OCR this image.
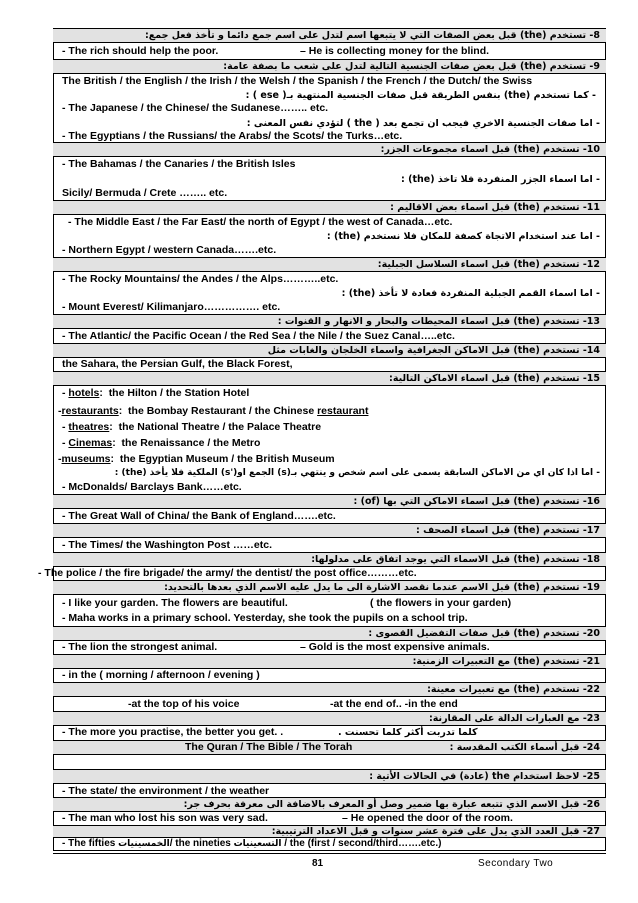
8- تستخدم (the) قبل بعض الصفات التي لا يتبعها اسم لتدل على اسم جمع دائما و تأخذ فعل جمع:
- The rich should help the poor.	– He is collecting money for the blind.
9- تستخدم (the) قبل بعض صفات الجنسية التالية لتدل على شعب ما بصفة عامة:
The British / the English / the Irish / the Welsh / the Spanish / the French / the Dutch/ the Swiss
- كما تستخدم (the) بنفس الطريقة قبل صفات الجنسية المنتهية بـ( ese ) :
- The Japanese / the Chinese/ the Sudanese…….. etc.
- اما صفات الجنسية الاخري فيجب ان تجمع بعد ( the ) لتؤدي نفس المعنى :
- The Egyptians / the Russians/ the Arabs/ the Scots/ the Turks…etc.
10- تستخدم (the) قبل اسماء مجموعات الجزر:
- The Bahamas / the Canaries / the British Isles
- اما اسماء الجزر المنفردة فلا تاخذ (the) :
Sicily/ Bermuda / Crete …….. etc.
11- تستخدم (the) قبل اسماء بعض الاقاليم :
- The Middle East / the Far East/ the north of Egypt / the west of Canada…etc.
- اما عند استخدام الاتجاة كصفة للمكان فلا نستخدم (the) :
- Northern Egypt / western Canada…….etc.
12- تستخدم (the) قبل اسماء السلاسل الجبلية:
- The Rocky Mountains/ the Andes / the Alps………..etc.
- اما اسماء القمم الجبلية المنفردة فعادة لا تأخذ (the) :
- Mount Everest/ Kilimanjaro……………. etc.
13- تستخدم (the) قبل اسماء المحيطات والبحار و الانهار و القنوات :
- The Atlantic/ the Pacific Ocean / the Red Sea / the Nile / the Suez Canal…..etc.
14- تستخدم (the) قبل الاماكن الجغرافية واسماء الخلجان والغابات مثل
the Sahara, the Persian Gulf, the Black Forest,
15- تستخدم (the) قبل اسماء الاماكن التالية:
- hotels:  the Hilton / the Station Hotel
-restaurants:  the Bombay Restaurant / the Chinese restaurant
- theatres:  the National Theatre / the Palace Theatre
- Cinemas:  the Renaissance / the Metro
-museums:  the Egyptian Museum / the British Museum
- اما اذا كان اي من الاماكن السابقة يسمى على اسم شخص و ينتهي بـ(s) الجمع او('s) الملكية فلا يأخذ (the) :
- McDonalds/ Barclays Bank……etc.
16- تستخدم (the) قبل اسماء الاماكن التي بها (of) :
- The Great Wall of China/ the Bank of England…….etc.
17- تستخدم (the) قبل اسماء الصحف :
- The Times/ the Washington Post ……etc.
18- تستخدم (the) قبل الاسماء التي يوجد اتفاق على مدلولها:
- The police / the fire brigade/ the army/ the dentist/ the post office………etc.
19- تستخدم (the) قبل الاسم عندما نقصد الاشارة الى ما يدل عليه الاسم الذي بعدها بالتحديد:
- I like your garden. The flowers are beautiful.	( the flowers in your garden)
- Maha works in a primary school. Yesterday, she took the pupils on a school trip.
20- تستخدم (the) قبل صفات التفضيل القصوى :
- The lion the strongest animal.	– Gold is the most expensive animals.
21- تستخدم (the) مع التعبيرات الزمنية:
- in the ( morning / afternoon / evening )
22- تستخدم (the) مع تعبيرات معينة:
-at the top of his voice	-at the end of.. -in the end
23- مع العبارات الدالة على المقارنة:
- The more you practise, the better you get. .	كلما تدربت أكثر كلما تحسنت .
24- قبل أسماء الكتب المقدسة :
The Quran / The Bible / The Torah
25- لاحظ استخدام the (عادة) في الحالات الأتية :
- The state/ the environment / the weather
26- قبل الاسم الذي تتبعه عبارة بها ضمير وصل أو المعرف بالاضافة الى معرفة بحرف جر:
- The man who lost his son was very sad.	– He opened the door of the room.
27- قبل العدد الذي يدل على فترة عشر سنوات و قبل الاعداد الترتيبية:
- The fifties الخمسينيات/ the nineties التسعينيات / the (first / second/third…….etc.)
81	Secondary Two
